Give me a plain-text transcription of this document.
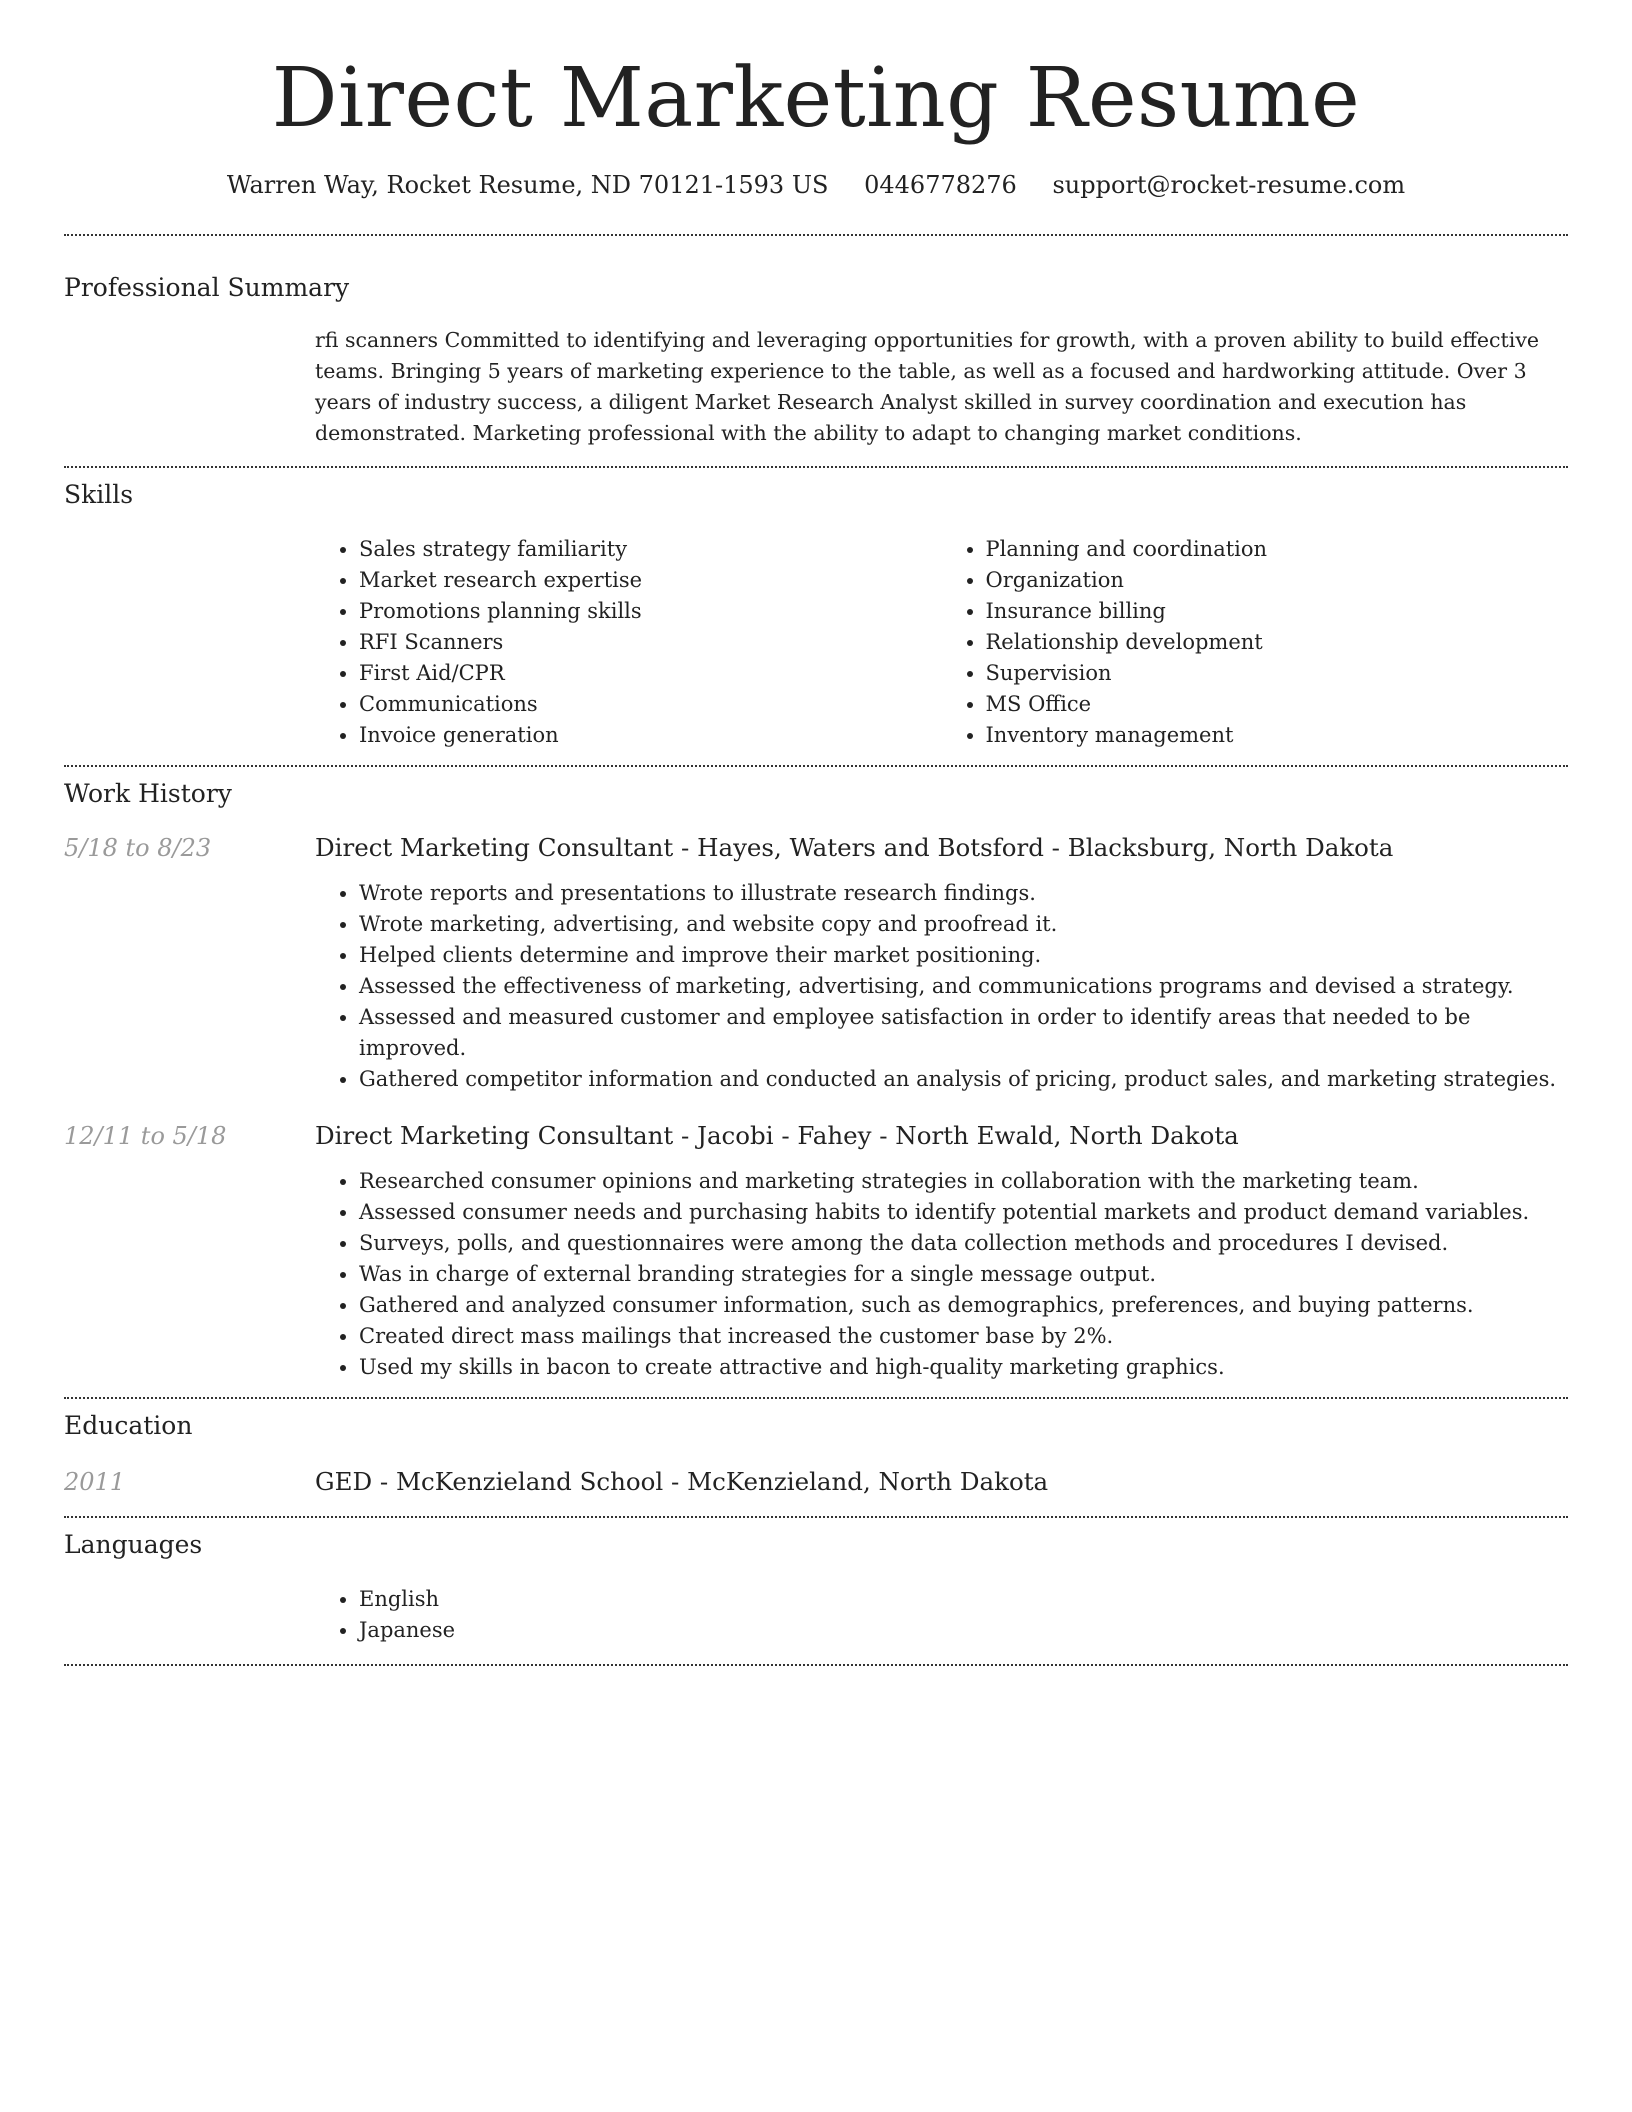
Direct Marketing Resume
Warren Way, Rocket Resume, ND 70121-1593 US 0446778276 support@rocket-resume.com
Professional Summary

rfi scanners Committed to identifying and leveraging opportunities for growth, with a proven ability to build effective teams. Bringing 5 years of marketing experience to the table, as well as a focused and hardworking attitude. Over 3 years of industry success, a diligent Market Research Analyst skilled in survey coordination and execution has demonstrated. Marketing professional with the ability to adapt to changing market conditions.

Skills
• Sales strategy familiarity
• Market research expertise
• Promotions planning skills
• RFI Scanners
• First Aid/CPR
• Communications
• Invoice generation
• Planning and coordination
• Organization
• Insurance billing
• Relationship development
• Supervision
• MS Office
• Inventory management
Work History
5/18 to 8/23	Direct Marketing Consultant - Hayes, Waters and Botsford - Blacksburg, North Dakota
• Wrote reports and presentations to illustrate research findings.
• Wrote marketing, advertising, and website copy and proofread it.
• Helped clients determine and improve their market positioning.
• Assessed the effectiveness of marketing, advertising, and communications programs and devised a strategy.
• Assessed and measured customer and employee satisfaction in order to identify areas that needed to be improved.
• Gathered competitor information and conducted an analysis of pricing, product sales, and marketing strategies.
12/11 to 5/18	Direct Marketing Consultant - Jacobi - Fahey - North Ewald, North Dakota
• Researched consumer opinions and marketing strategies in collaboration with the marketing team.
• Assessed consumer needs and purchasing habits to identify potential markets and product demand variables.
• Surveys, polls, and questionnaires were among the data collection methods and procedures I devised.
• Was in charge of external branding strategies for a single message output.
• Gathered and analyzed consumer information, such as demographics, preferences, and buying patterns.
• Created direct mass mailings that increased the customer base by 2%.
• Used my skills in bacon to create attractive and high-quality marketing graphics.
Education
2011	GED - McKenzieland School - McKenzieland, North Dakota
Languages
• English
• Japanese
